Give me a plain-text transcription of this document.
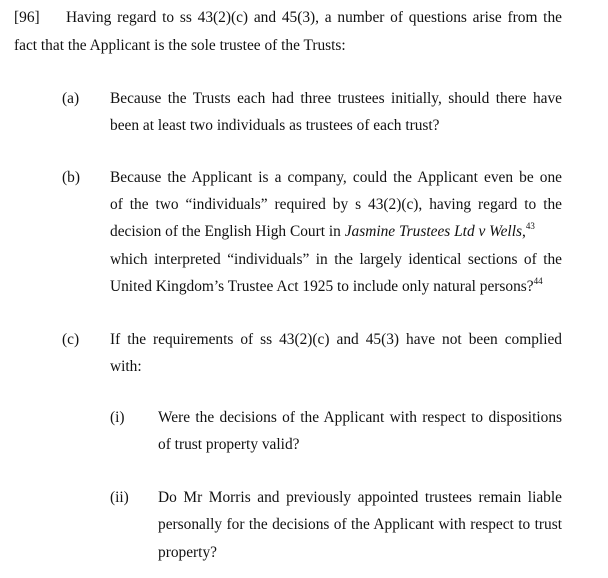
[96] Having regard to ss 43(2)(c) and 45(3), a number of questions arise from the
fact that the Applicant is the sole trustee of the Trusts:
(a) Because the Trusts each had three trustees initially, should there have
been at least two individuals as trustees of each trust?
(b) Because the Applicant is a company, could the Applicant even be one
of the two “individuals” required by s 43(2)(c), having regard to the
decision of the English High Court in Jasmine Trustees Ltd v Wells,$^{43}$
which interpreted “individuals” in the largely identical sections of the
United Kingdom’s Trustee Act 1925 to include only natural persons?$^{44}$
(c) If the requirements of ss 43(2)(c) and 45(3) have not been complied
with:
(i) Were the decisions of the Applicant with respect to dispositions
of trust property valid?
(ii) Do Mr Morris and previously appointed trustees remain liable
personally for the decisions of the Applicant with respect to trust
property?
